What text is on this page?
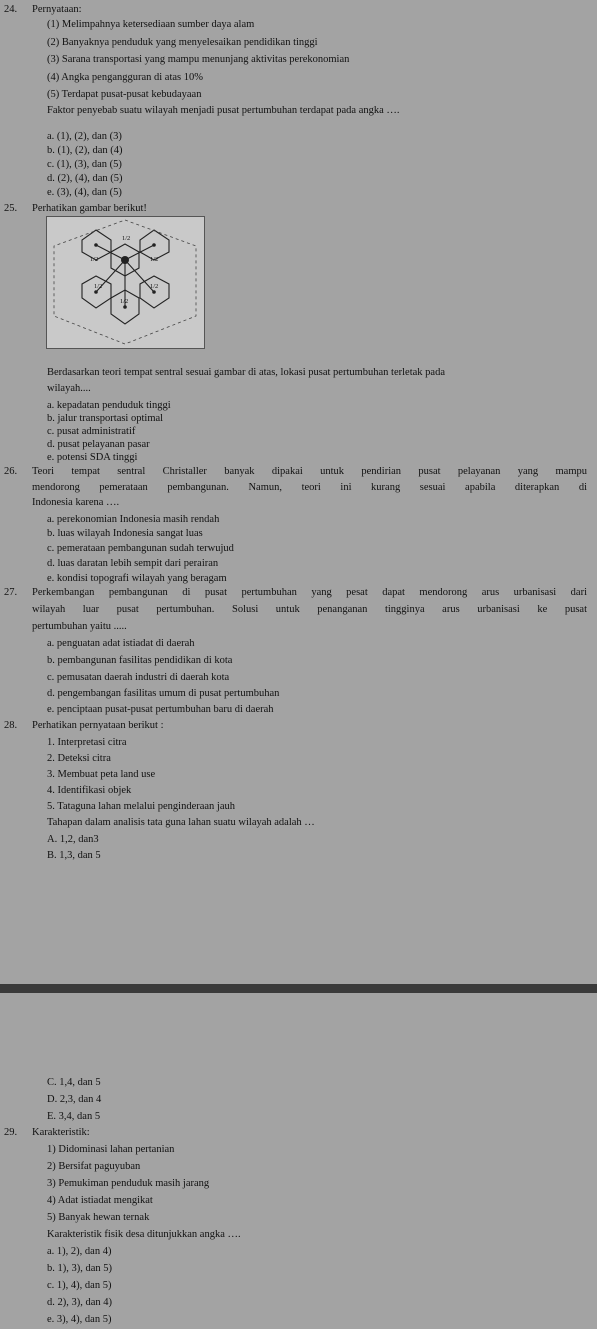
24. Pernyataan:
(1) Melimpahnya ketersediaan sumber daya alam
(2) Banyaknya penduduk yang menyelesaikan pendidikan tinggi
(3) Sarana transportasi yang mampu menunjang aktivitas perekonomian
(4) Angka pengangguran di atas 10%
(5) Terdapat pusat-pusat kebudayaan
Faktor penyebab suatu wilayah menjadi pusat pertumbuhan terdapat pada angka ….
a. (1), (2), dan (3)
b. (1), (2), dan (4)
c. (1), (3), dan (5)
d. (2), (4), dan (5)
e. (3), (4), dan (5)
25. Perhatikan gambar berikut!
1/2
1/2	1/2
1/2	1/2
1/2
Berdasarkan teori tempat sentral sesuai gambar di atas, lokasi pusat pertumbuhan terletak pada
wilayah....
a. kepadatan penduduk tinggi
b. jalur transportasi optimal
c. pusat administratif
d. pusat pelayanan pasar
e. potensi SDA tinggi
26. Teori tempat sentral Christaller banyak dipakai untuk pendirian pusat pelayanan yang mampu
mendorong pemerataan pembangunan. Namun, teori ini kurang sesuai apabila diterapkan di
Indonesia karena ….
a. perekonomian Indonesia masih rendah
b. luas wilayah Indonesia sangat luas
c. pemerataan pembangunan sudah terwujud
d. luas daratan lebih sempit dari perairan
e. kondisi topografi wilayah yang beragam
27. Perkembangan pembangunan di pusat pertumbuhan yang pesat dapat mendorong arus urbanisasi dari
wilayah luar pusat pertumbuhan. Solusi untuk penanganan tingginya arus urbanisasi ke pusat
pertumbuhan yaitu .....
a. penguatan adat istiadat di daerah
b. pembangunan fasilitas pendidikan di kota
c. pemusatan daerah industri di daerah kota
d. pengembangan fasilitas umum di pusat pertumbuhan
e. penciptaan pusat-pusat pertumbuhan baru di daerah
28. Perhatikan pernyataan berikut :
1. Interpretasi citra
2. Deteksi citra
3. Membuat peta land use
4. Identifikasi objek
5. Tataguna lahan melalui penginderaan jauh
Tahapan dalam analisis tata guna lahan suatu wilayah adalah …
A. 1,2, dan3
B. 1,3, dan 5
C. 1,4, dan 5
D. 2,3, dan 4
E. 3,4, dan 5
29. Karakteristik:
1) Didominasi lahan pertanian
2) Bersifat paguyuban
3) Pemukiman penduduk masih jarang
4) Adat istiadat mengikat
5) Banyak hewan ternak
Karakteristik fisik desa ditunjukkan angka ….
a. 1), 2), dan 4)
b. 1), 3), dan 5)
c. 1), 4), dan 5)
d. 2), 3), dan 4)
e. 3), 4), dan 5)
